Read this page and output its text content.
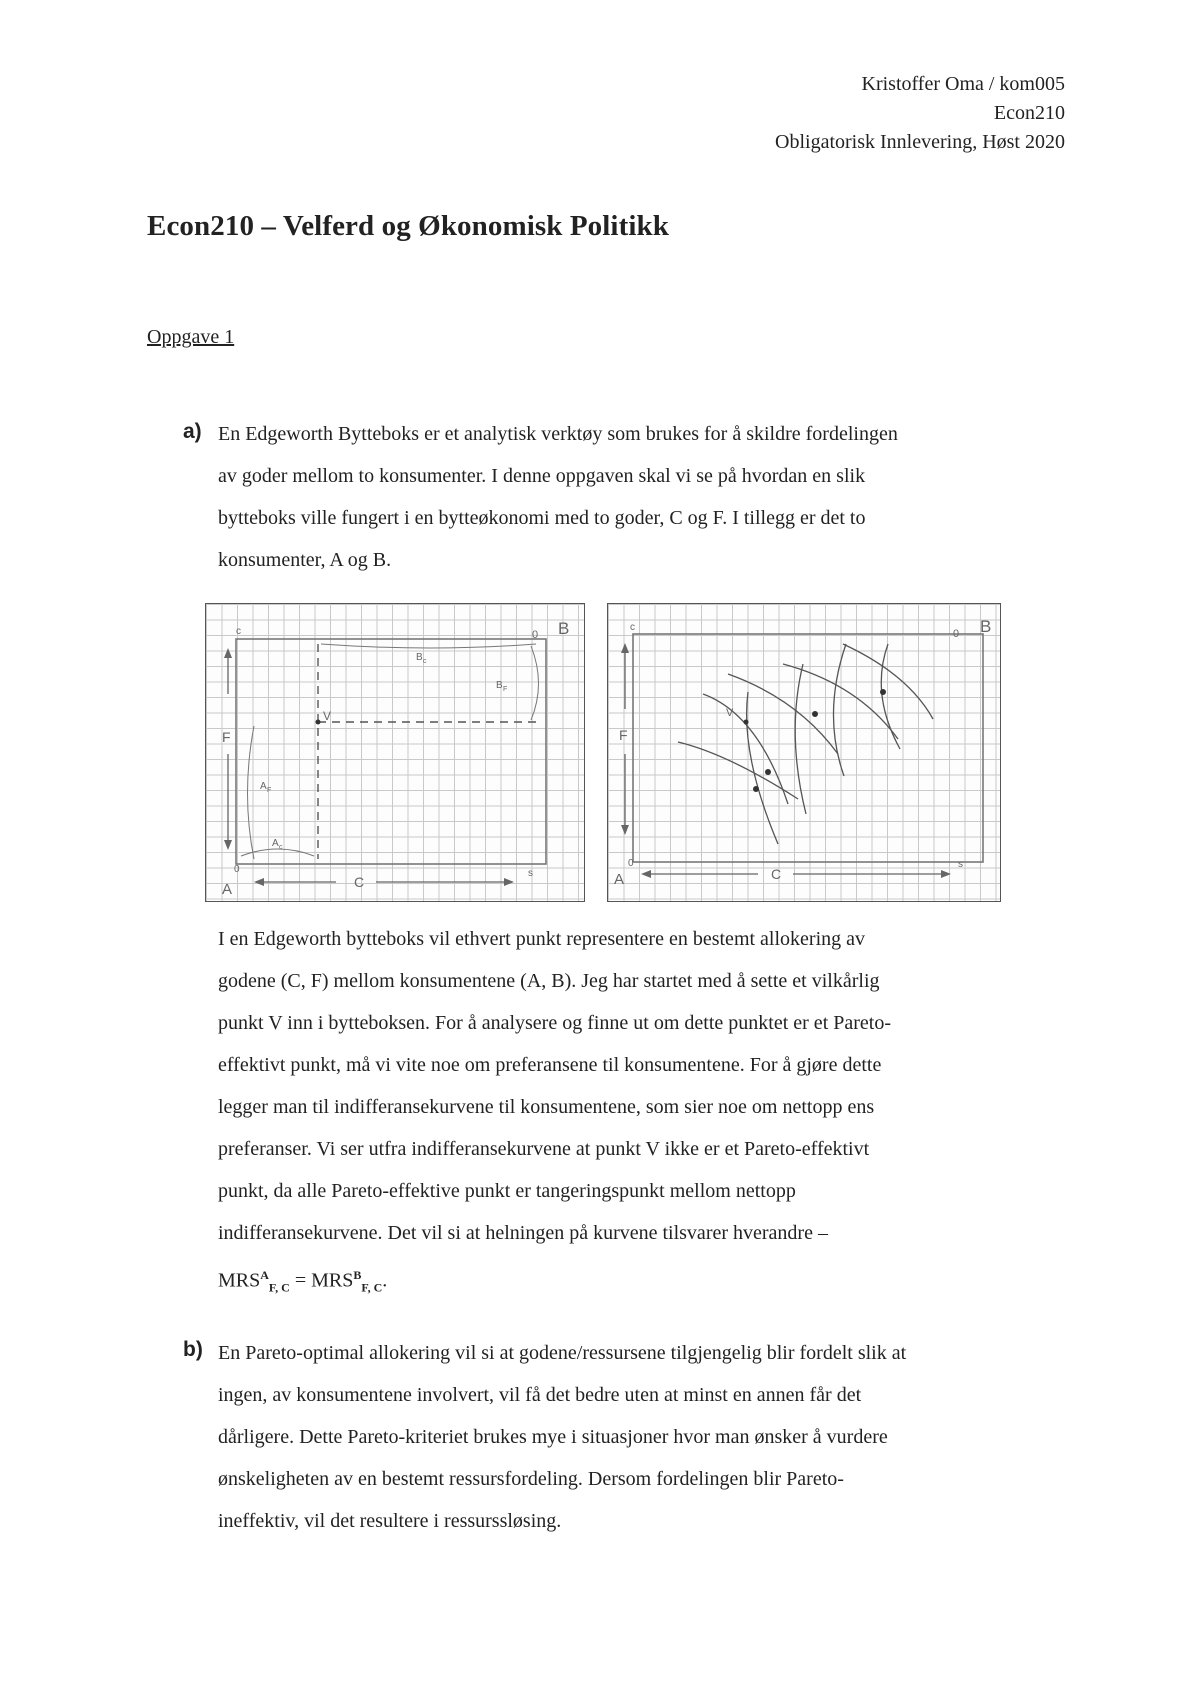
Kristoffer Oma / kom005
Econ210
Obligatorisk Innlevering, Høst 2020
Econ210 – Velferd og Økonomisk Politikk
Oppgave 1
a) En Edgeworth Bytteboks er et analytisk verktøy som brukes for å skildre fordelingen
av goder mellom to konsumenter. I denne oppgaven skal vi se på hvordan en slik
bytteboks ville fungert i en bytteøkonomi med to goder, C og F. I tillegg er det to
konsumenter, A og B.

V
F
C
A
0
B
0
c
s
B c
B F
A F
A c
V
F
C
A
0
B
0
c
s

I en Edgeworth bytteboks vil ethvert punkt representere en bestemt allokering av
godene (C, F) mellom konsumentene (A, B). Jeg har startet med å sette et vilkårlig
punkt V inn i bytteboksen. For å analysere og finne ut om dette punktet er et Pareto-
effektivt punkt, må vi vite noe om preferansene til konsumentene. For å gjøre dette
legger man til indifferansekurvene til konsumentene, som sier noe om nettopp ens
preferanser. Vi ser utfra indifferansekurvene at punkt V ikke er et Pareto-effektivt
punkt, da alle Pareto-effektive punkt er tangeringspunkt mellom nettopp
indifferansekurvene. Det vil si at helningen på kurvene tilsvarer hverandre –
$MRS^A_{F, C} = MRS^B_{F, C}$.

b) En Pareto-optimal allokering vil si at godene/ressursene tilgjengelig blir fordelt slik at
ingen, av konsumentene involvert, vil få det bedre uten at minst en annen får det
dårligere. Dette Pareto-kriteriet brukes mye i situasjoner hvor man ønsker å vurdere
ønskeligheten av en bestemt ressursfordeling. Dersom fordelingen blir Pareto-
ineffektiv, vil det resultere i ressurssløsing.
